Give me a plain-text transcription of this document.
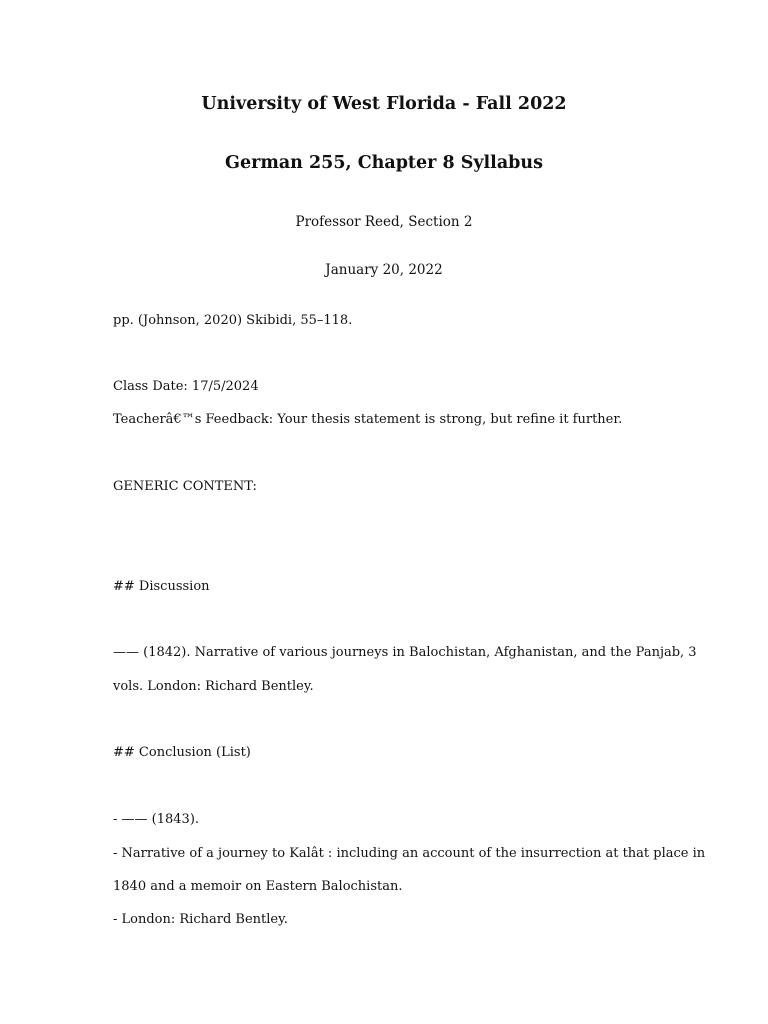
University of West Florida - Fall 2022
German 255, Chapter 8 Syllabus
Professor Reed, Section 2
January 20, 2022
pp. (Johnson, 2020) Skibidi, 55–118.
Class Date: 17/5/2024
Teacherâ€™s Feedback: Your thesis statement is strong, but refine it further.
GENERIC CONTENT:
## Discussion
—— (1842). Narrative of various journeys in Balochistan, Afghanistan, and the Panjab, 3
vols. London: Richard Bentley.
## Conclusion (List)
- —— (1843).
- Narrative of a journey to Kalât : including an account of the insurrection at that place in
1840 and a memoir on Eastern Balochistan.
- London: Richard Bentley.
